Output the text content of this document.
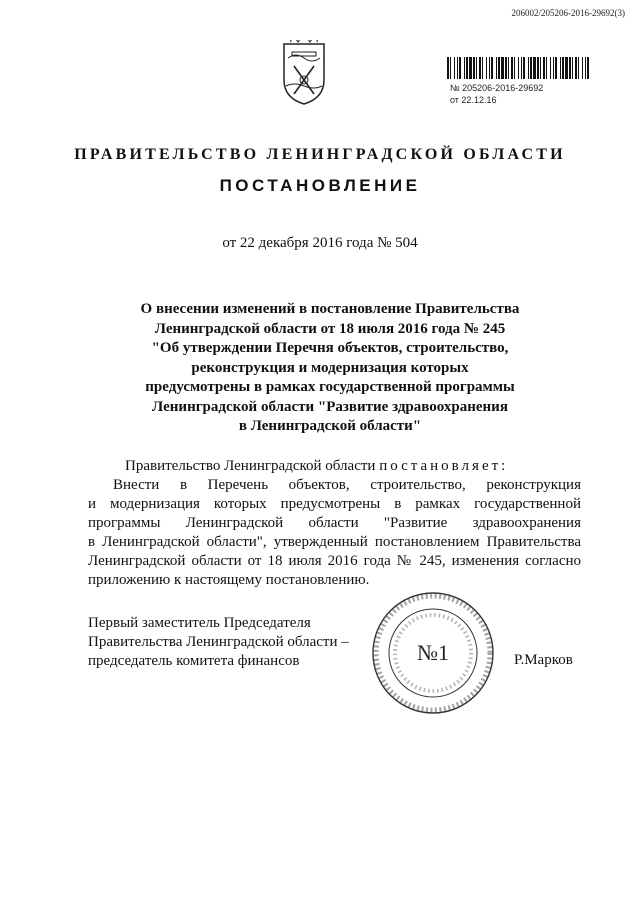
206002/205206-2016-29692(3)
№ 205206-2016-29692
от 22.12.16
ПРАВИТЕЛЬСТВО ЛЕНИНГРАДСКОЙ ОБЛАСТИ
ПОСТАНОВЛЕНИЕ
от 22 декабря 2016 года № 504
О внесении изменений в постановление Правительства
Ленинградской области от 18 июля 2016 года № 245
"Об утверждении Перечня объектов, строительство,
реконструкция и модернизация которых
предусмотрены в рамках государственной программы
Ленинградской области "Развитие здравоохранения
в Ленинградской области"
Правительство Ленинградской области постановляет:
Внести в Перечень объектов, строительство, реконструкция
и модернизация которых предусмотрены в рамках государственной
программы Ленинградской области "Развитие здравоохранения
в Ленинградской области", утвержденный постановлением Правительства
Ленинградской области от 18 июля 2016 года № 245, изменения согласно
приложению к настоящему постановлению.
Первый заместитель Председателя
Правительства Ленинградской области –
председатель комитета финансов	№1	Р.Марков
